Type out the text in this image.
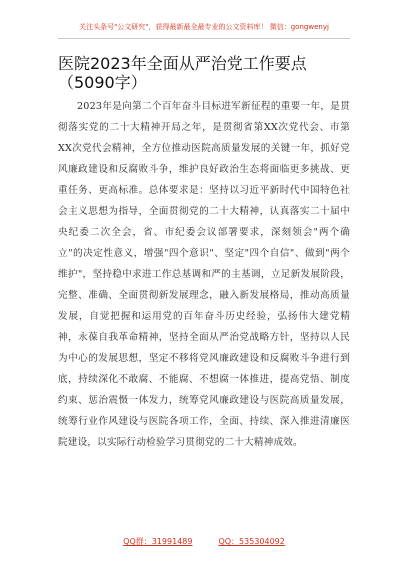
关注头条号"公文研究"，获得最新最全最专业的公文资料库！ 微信：gongwenyj
医院2023年全面从严治党工作要点（5090字）

2023年是向第二个百年奋斗目标进军新征程的重要一年，是贯彻落实党的二十大精神开局之年，是贯彻省第XX次党代会、市第XX次党代会精神，全方位推动医院高质量发展的关键一年，抓好党风廉政建设和反腐败斗争，维护良好政治生态将面临更多挑战、更重任务、更高标准。总体要求是：坚持以习近平新时代中国特色社会主义思想为指导，全面贯彻党的二十大精神，认真落实二十届中央纪委二次全会，省、市纪委会议部署要求，深刻领会"两个确立"的决定性意义，增强"四个意识"、坚定"四个自信"、做到"两个维护"，坚持稳中求进工作总基调和严的主基调，立足新发展阶段，完整、准确、全面贯彻新发展理念，融入新发展格局，推动高质量发展，自觉把握和运用党的百年奋斗历史经验，弘扬伟大建党精神，永葆自我革命精神，坚持全面从严治党战略方针，坚持以人民为中心的发展思想，坚定不移将党风廉政建设和反腐败斗争进行到底，持续深化不敢腐、不能腐、不想腐一体推进，提高党悟、制度约束、惩治震慑一体发力，统筹党风廉政建设与医院高质量发展，统筹行业作风建设与医院各项工作，全面、持续、深入推进清廉医院建设，以实际行动检验学习贯彻党的二十大精神成效。

QQ群：31991489	QQ：535304092
